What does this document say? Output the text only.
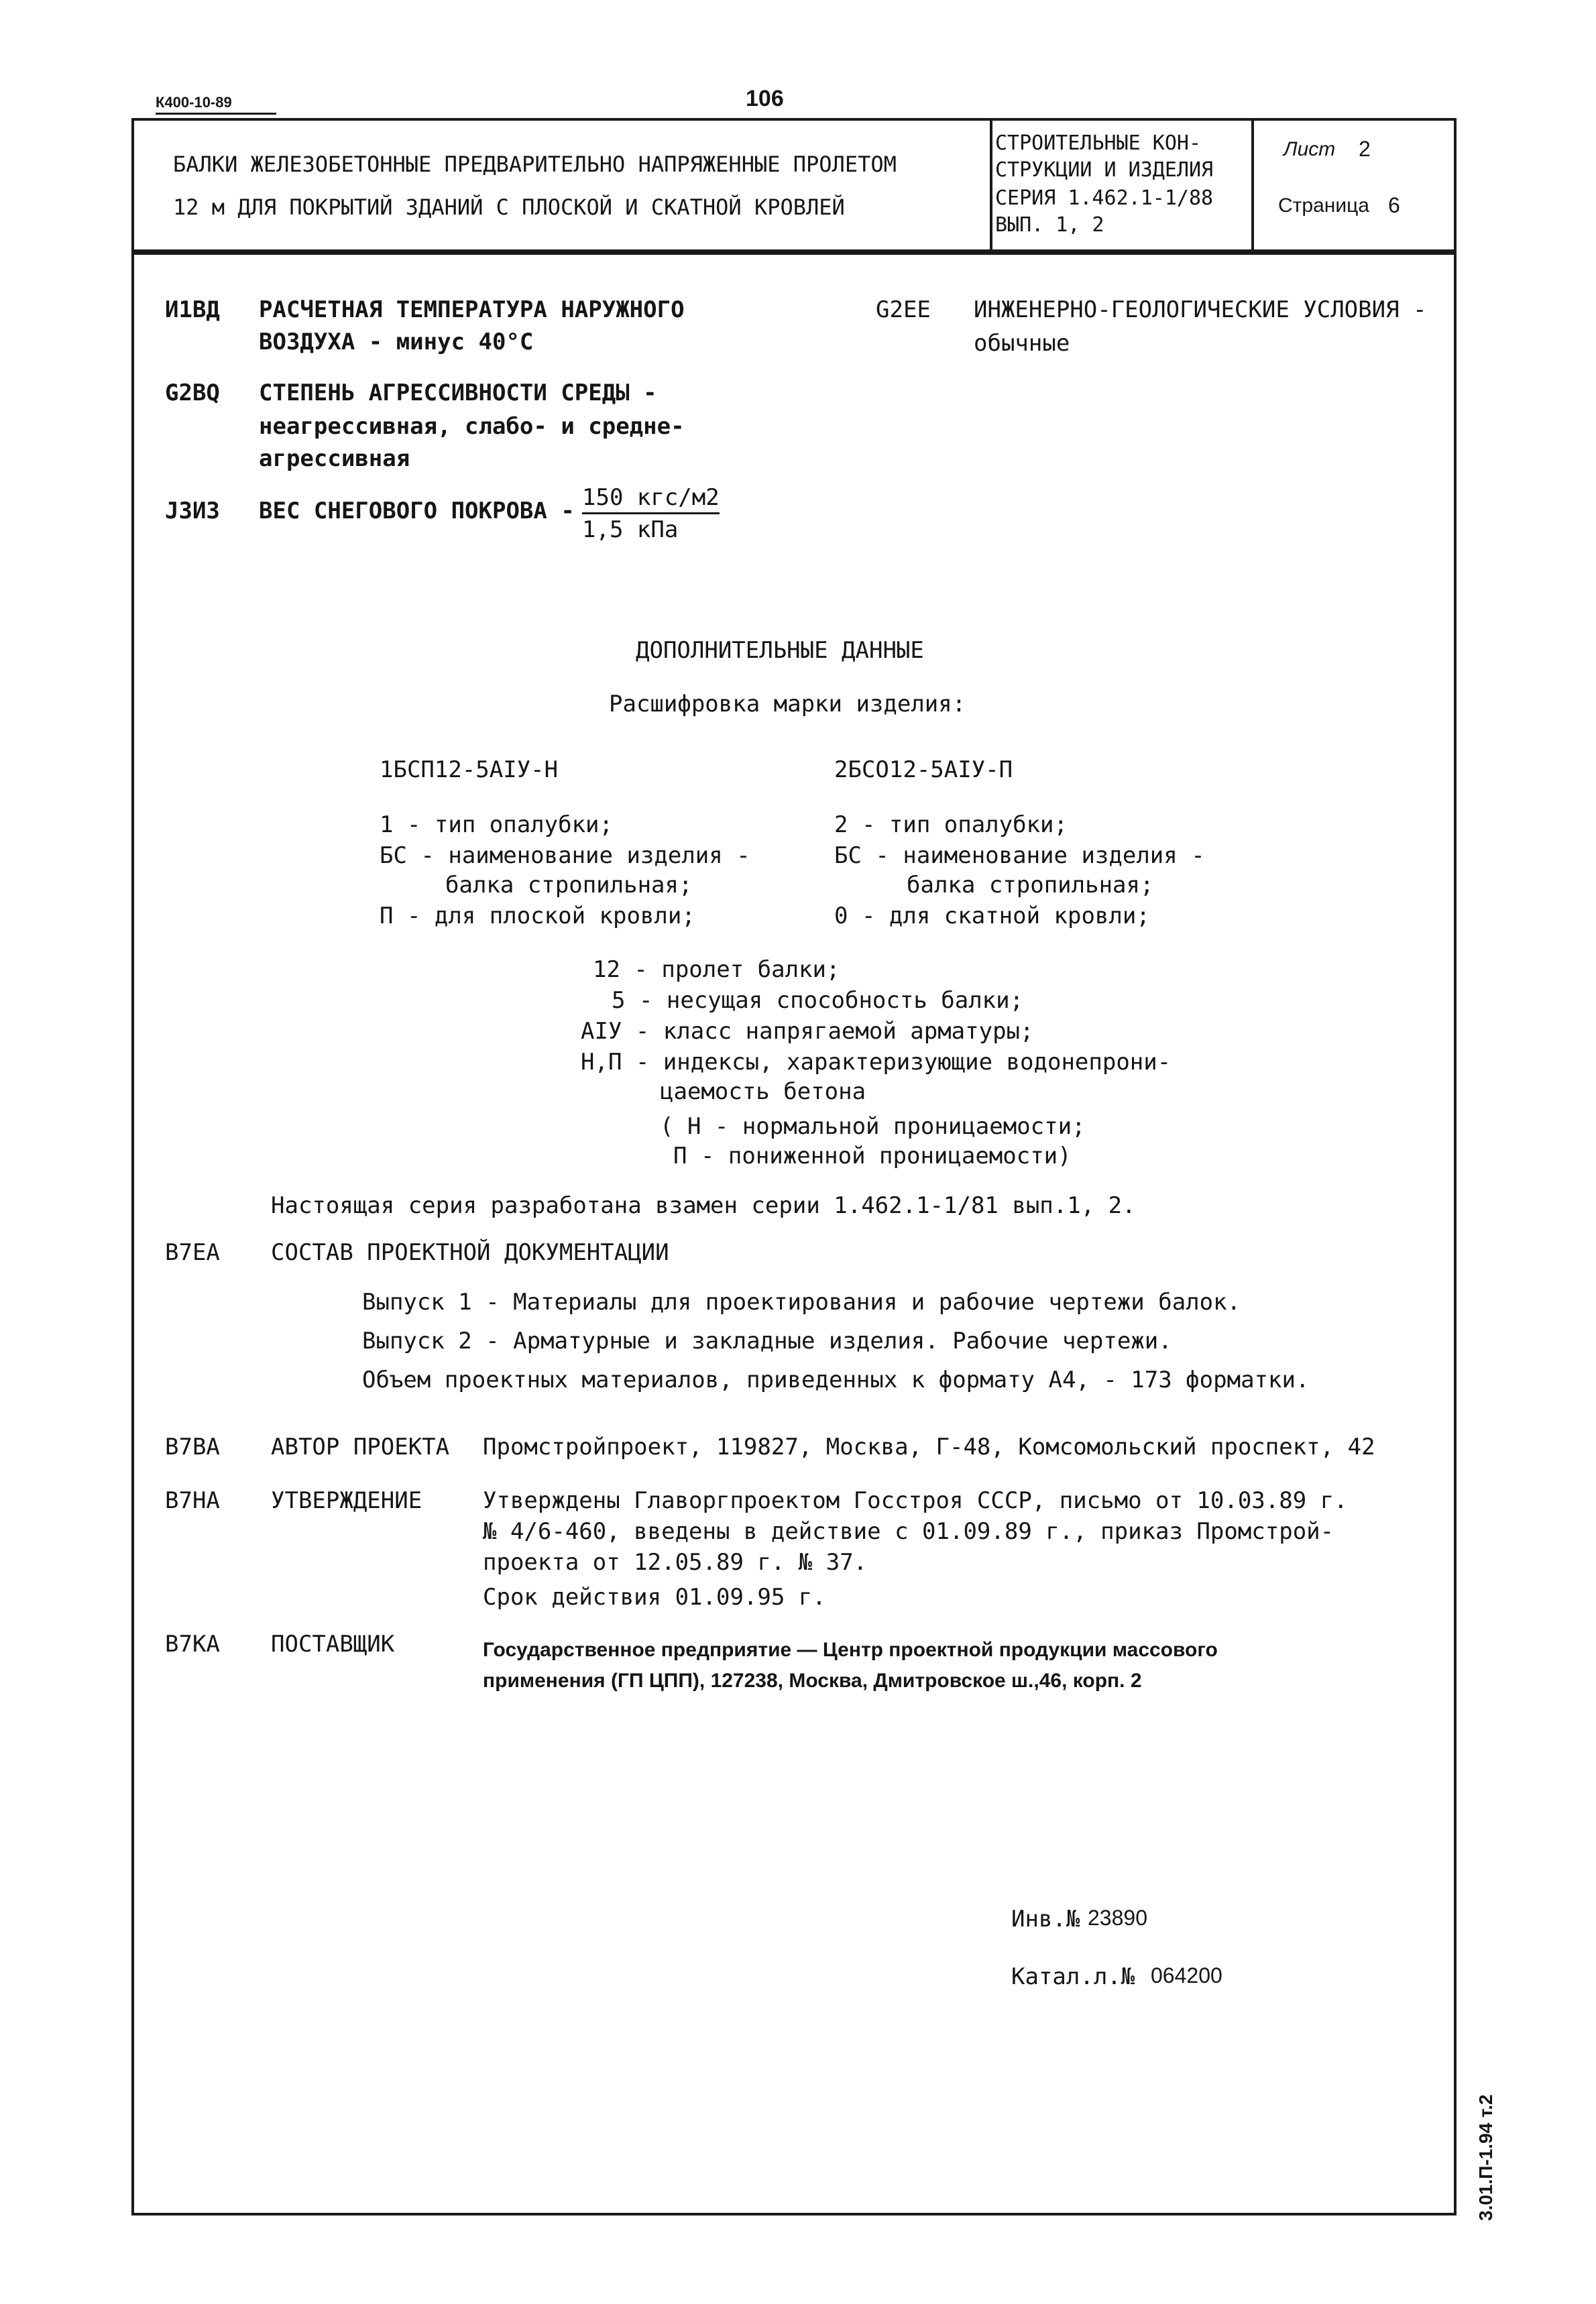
К400-10-89	106
БАЛКИ ЖЕЛЕЗОБЕТОННЫЕ ПРЕДВАРИТЕЛЬНО НАПРЯЖЕННЫЕ ПРОЛЕТОМ
12 м ДЛЯ ПОКРЫТИЙ ЗДАНИЙ С ПЛОСКОЙ И СКАТНОЙ КРОВЛЕЙ
СТРОИТЕЛЬНЫЕ КОН-
СТРУКЦИИ И ИЗДЕЛИЯ
СЕРИЯ 1.462.1-1/88
ВЫП. 1, 2
Лист 2
Страница 6
И1ВД РАСЧЕТНАЯ ТЕМПЕРАТУРА НАРУЖНОГО
ВОЗДУХА - минус 40°С
G2EE ИНЖЕНЕРНО-ГЕОЛОГИЧЕСКИЕ УСЛОВИЯ -
обычные
G2BQ СТЕПЕНЬ АГРЕССИВНОСТИ СРЕДЫ -
неагрессивная, слабо- и средне-
агрессивная
J3ИЗ ВЕС СНЕГОВОГО ПОКРОВА - 150 кгс/м2
1,5 кПа
ДОПОЛНИТЕЛЬНЫЕ ДАННЫЕ
Расшифровка марки изделия:
1БСП12-5АIУ-Н	2БСО12-5АIУ-П
1 - тип опалубки;
БС - наименование изделия -
балка стропильная;
П - для плоской кровли;
2 - тип опалубки;
БС - наименование изделия -
балка стропильная;
0 - для скатной кровли;
12 - пролет балки;
5 - несущая способность балки;
АIУ - класс напрягаемой арматуры;
Н,П - индексы, характеризующие водонепрони-
цаемость бетона
( Н - нормальной проницаемости;
П - пониженной проницаемости)
Настоящая серия разработана взамен серии 1.462.1-1/81 вып.1, 2.
B7EA СОСТАВ ПРОЕКТНОЙ ДОКУМЕНТАЦИИ
Выпуск 1 - Материалы для проектирования и рабочие чертежи балок.
Выпуск 2 - Арматурные и закладные изделия. Рабочие чертежи.
Объем проектных материалов, приведенных к формату А4, - 173 форматки.
B7BA АВТОР ПРОЕКТА Промстройпроект, 119827, Москва, Г-48, Комсомольский проспект, 42
B7HA УТВЕРЖДЕНИЕ	Утверждены Главоргпроектом Госстроя СССР, письмо от 10.03.89 г.
№ 4/6-460, введены в действие с 01.09.89 г., приказ Промстрой-
проекта от 12.05.89 г. № 37.
Срок действия 01.09.95 г.
B7KA ПОСТАВЩИК	Государственное предприятие — Центр проектной продукции массового
применения (ГП ЦПП), 127238, Москва, Дмитровское ш.,46, корп. 2
Инв.№ 23890
Катал.л.№ 064200
3.01.П-1.94 т.2
